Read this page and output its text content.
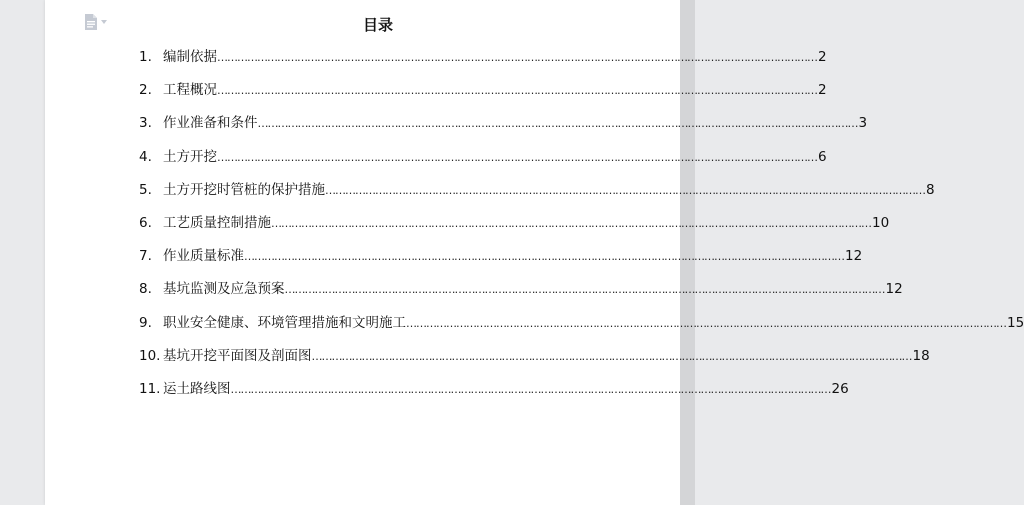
目录
1. 编制依据 ……………………………………………………………………………………………………………………………………………………………… 2
2. 工程概况 ……………………………………………………………………………………………………………………………………………………………… 2
3. 作业准备和条件 ……………………………………………………………………………………………………………………………………………………………… 3
4. 土方开挖 ……………………………………………………………………………………………………………………………………………………………… 6
5. 土方开挖时管桩的保护措施 ……………………………………………………………………………………………………………………………………………………………… 8
6. 工艺质量控制措施 ……………………………………………………………………………………………………………………………………………………………… 10
7. 作业质量标准 ……………………………………………………………………………………………………………………………………………………………… 12
8. 基坑监测及应急预案 ……………………………………………………………………………………………………………………………………………………………… 12
9. 职业安全健康、环境管理措施和文明施工 ……………………………………………………………………………………………………………………………………………………………… 15
10. 基坑开挖平面图及剖面图 ……………………………………………………………………………………………………………………………………………………………… 18
11. 运土路线图 ……………………………………………………………………………………………………………………………………………………………… 26
